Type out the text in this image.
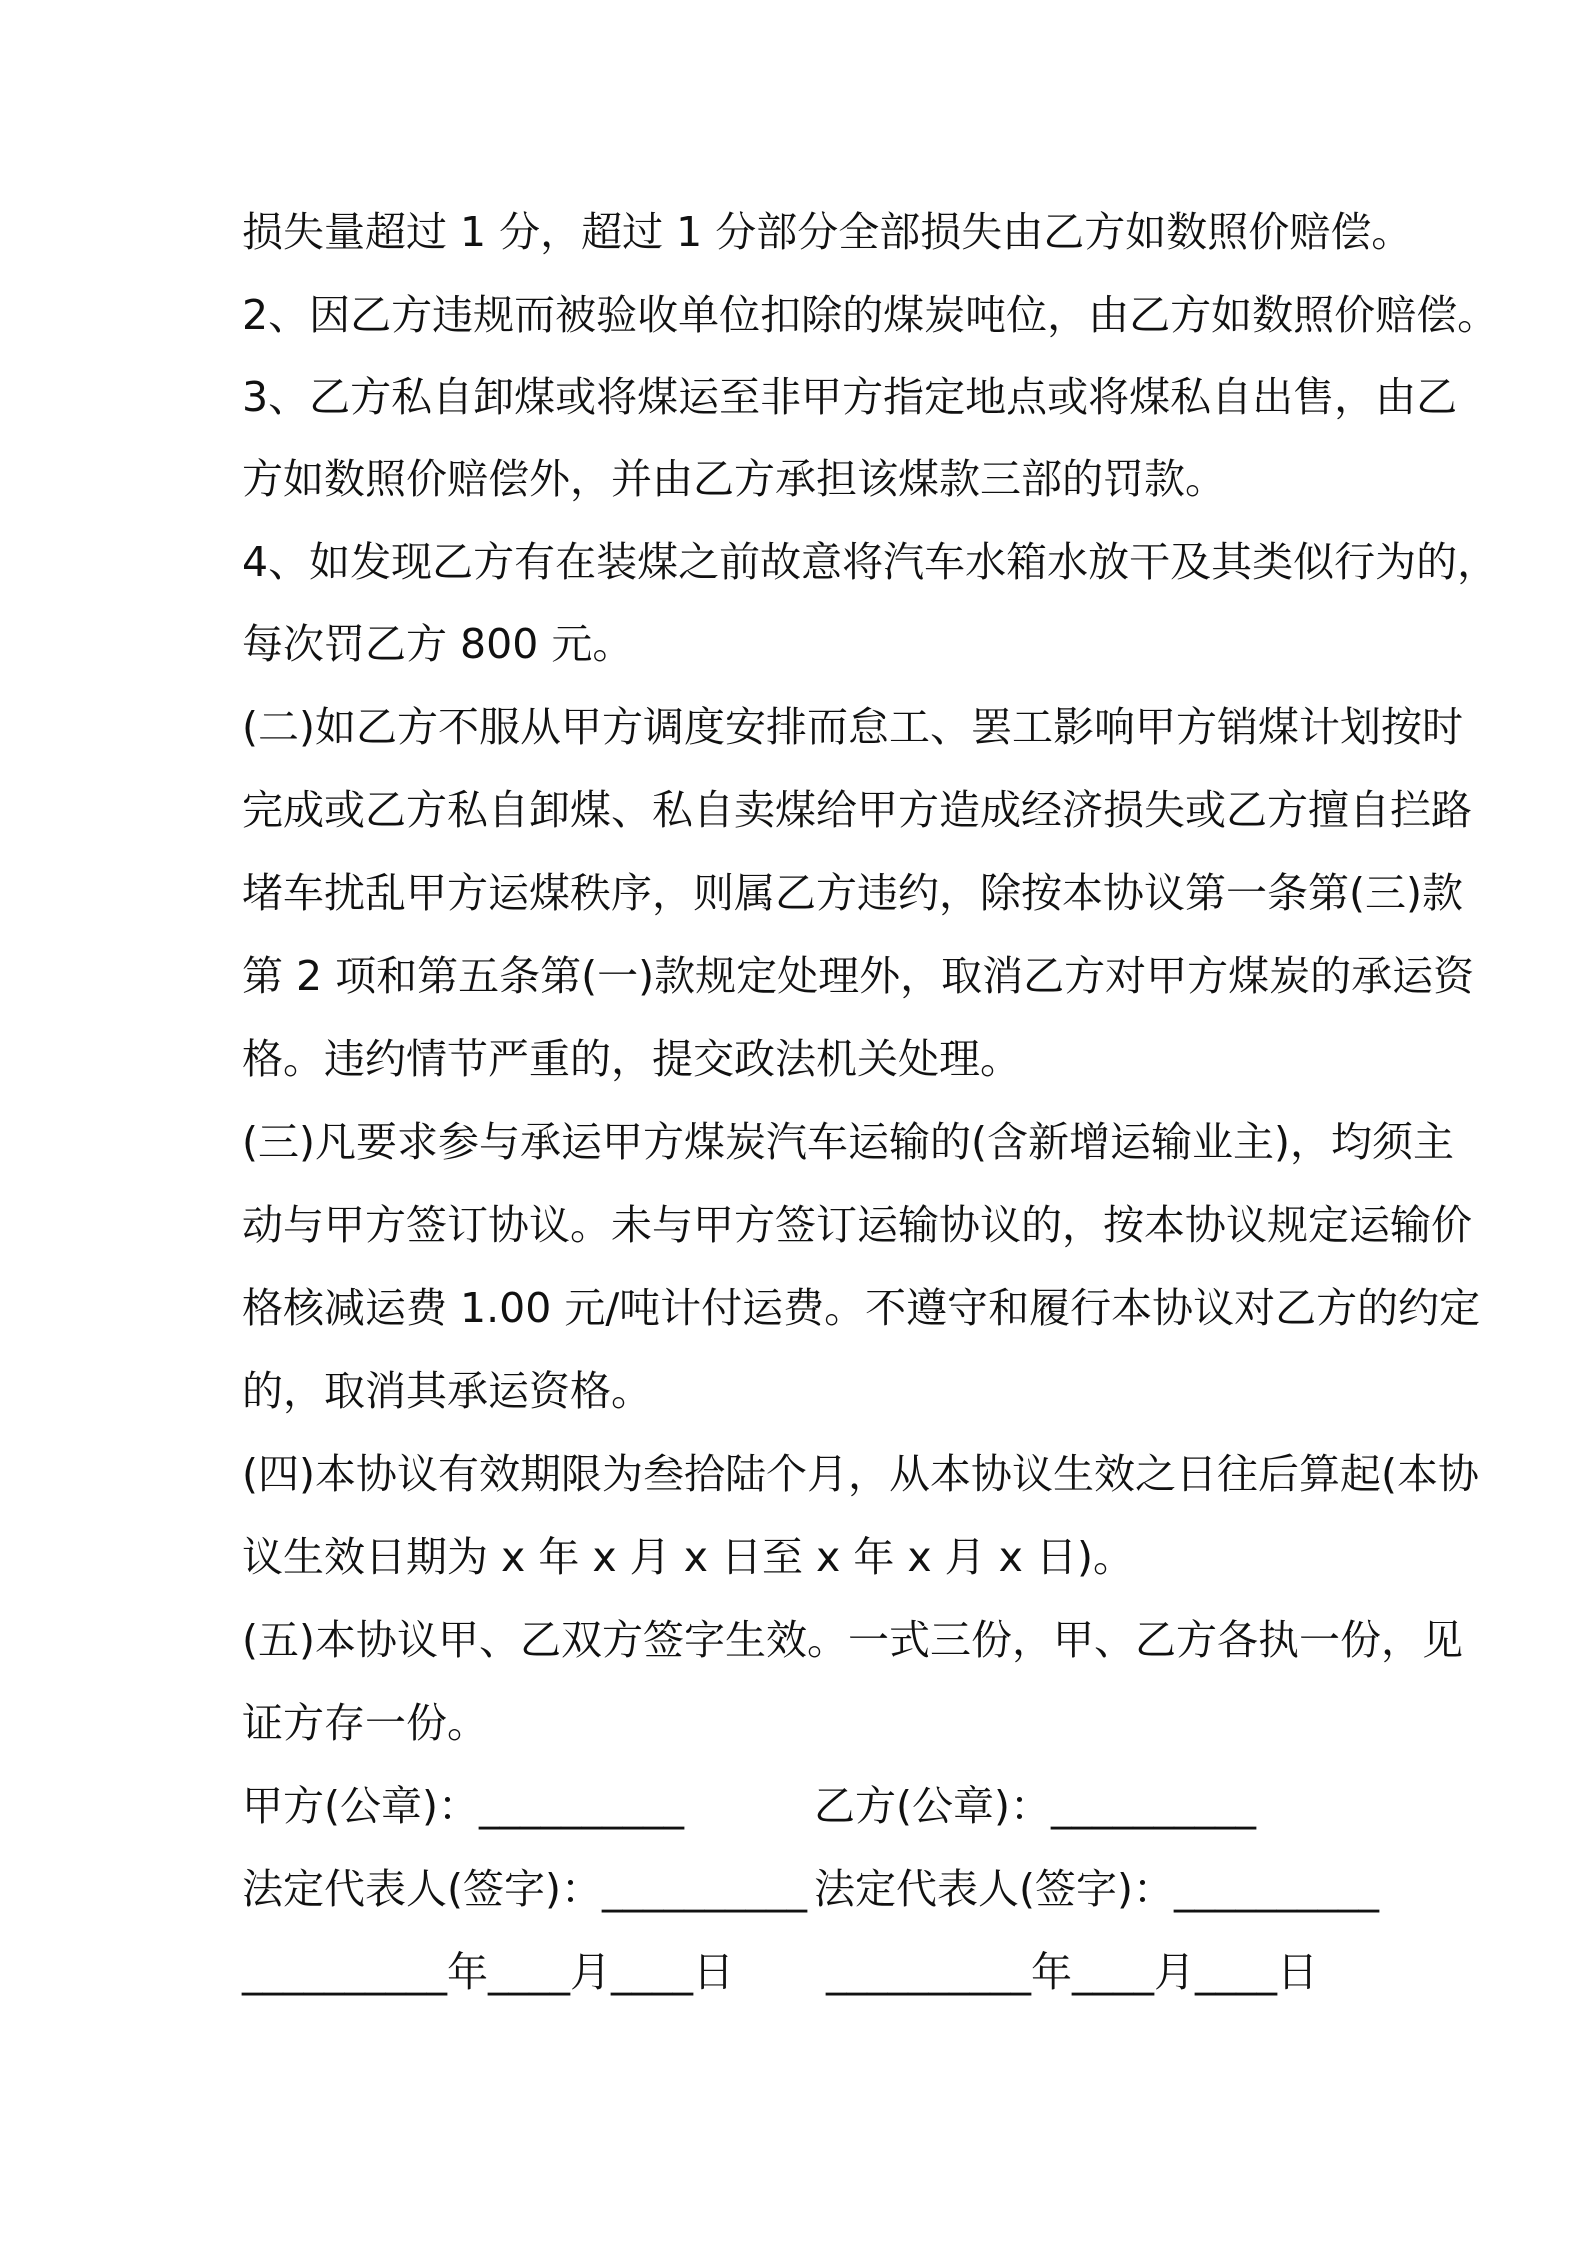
损失量超过 1 分，超过 1 分部分全部损失由乙方如数照价赔偿。
2、因乙方违规而被验收单位扣除的煤炭吨位，由乙方如数照价赔偿。
3、乙方私自卸煤或将煤运至非甲方指定地点或将煤私自出售，由乙
方如数照价赔偿外，并由乙方承担该煤款三部的罚款。
4、如发现乙方有在装煤之前故意将汽车水箱水放干及其类似行为的，
每次罚乙方 800 元。
(二)如乙方不服从甲方调度安排而怠工、罢工影响甲方销煤计划按时
完成或乙方私自卸煤、私自卖煤给甲方造成经济损失或乙方擅自拦路
堵车扰乱甲方运煤秩序，则属乙方违约，除按本协议第一条第(三)款
第 2 项和第五条第(一)款规定处理外，取消乙方对甲方煤炭的承运资
格。违约情节严重的，提交政法机关处理。
(三)凡要求参与承运甲方煤炭汽车运输的(含新增运输业主)，均须主
动与甲方签订协议。未与甲方签订运输协议的，按本协议规定运输价
格核减运费 1.00 元/吨计付运费。不遵守和履行本协议对乙方的约定
的，取消其承运资格。
(四)本协议有效期限为叁拾陆个月，从本协议生效之日往后算起(本协
议生效日期为 x 年 x 月 x 日至 x 年 x 月 x 日)。
(五)本协议甲、乙双方签字生效。一式三份，甲、乙方各执一份，见
证方存一份。
甲方(公章)：__________	乙方(公章)：__________
法定代表人(签字)：__________ 法定代表人(签字)：__________
__________年____月____日 __________年____月____日
